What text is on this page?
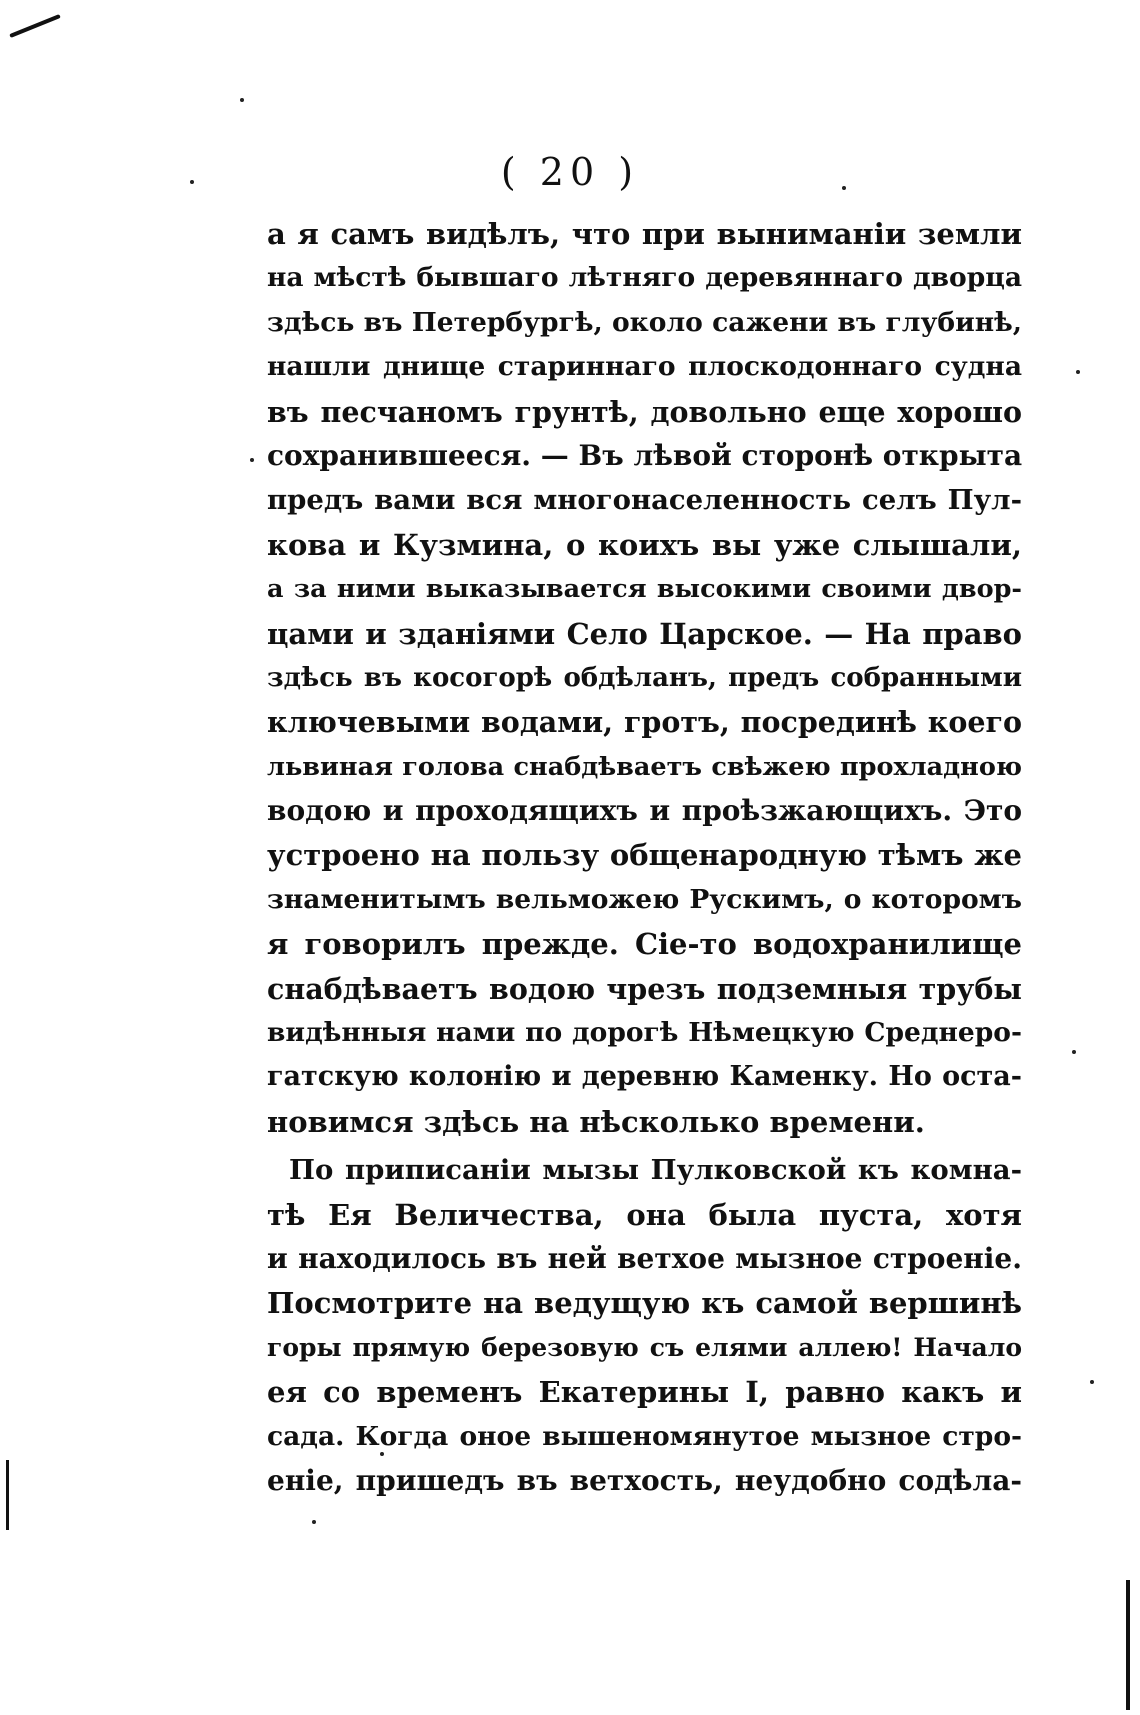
( 20 )
а я самъ видѣлъ, что при выниманіи земли
на мѣстѣ бывшаго лѣтняго деревяннаго дворца
здѣсь въ Петербургѣ, около сажени въ глубинѣ,
нашли днище стариннаго плоскодоннаго судна
въ песчаномъ грунтѣ, довольно еще хорошо
сохранившееся. — Въ лѣвой сторонѣ открыта
предъ вами вся многонаселенность селъ Пул-
кова и Кузмина, о коихъ вы уже слышали,
а за ними выказывается высокими своими двор-
цами и зданіями Село Царское. — На право
здѣсь въ косогорѣ обдѣланъ, предъ собранными
ключевыми водами, гротъ, посрединѣ коего
львиная голова снабдѣваетъ свѣжею прохладною
водою и проходящихъ и проѣзжающихъ. Это
устроено на пользу общенародную тѣмъ же
знаменитымъ вельможею Рускимъ, о которомъ
я говорилъ прежде. Сіе-то водохранилище
снабдѣваетъ водою чрезъ подземныя трубы
видѣнныя нами по дорогѣ Нѣмецкую Среднеро-
гатскую колонію и деревню Каменку. Но оста-
новимся здѣсь на нѣсколько времени.
По приписаніи мызы Пулковской къ комна-
тѣ Ея Величества, она была пуста, хотя
и находилось въ ней ветхое мызное строеніе.
Посмотрите на ведущую къ самой вершинѣ
горы прямую березовую съ елями аллею! Начало
ея со временъ Екатерины I, равно какъ и
сада. Когда оное вышеномянутое мызное стро-
еніе, пришедъ въ ветхость, неудобно содѣла-
